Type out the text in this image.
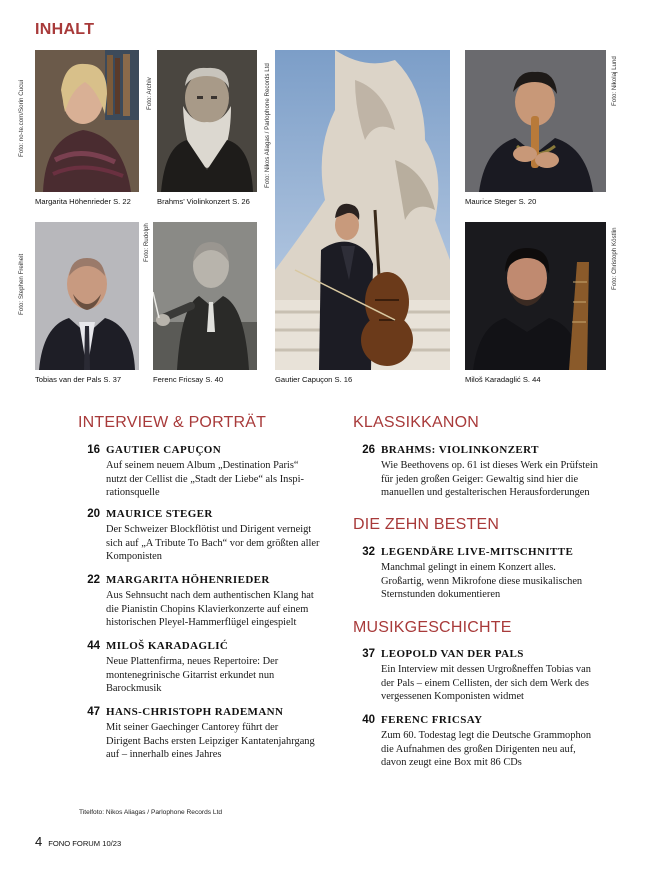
INHALT
Foto: no-te.com/Sorin Cucui
Margarita Höhenrieder S. 22
Foto: Archiv
Brahms’ Violinkonzert S. 26
Foto: Nikos Aliagas / Parlophone Records Ltd
Gautier Capuçon S. 16
Foto: Nikolaj Lund
Maurice Steger S. 20
Foto: Stephen Freiheit
Tobias van der Pals S. 37
Foto: Rudolph
Ferenc Fricsay S. 40
Foto: Christoph Köstlin
Miloš Karadaglić S. 44
INTERVIEW & PORTRÄT	KLASSIKKANON
DIE ZEHN BESTEN
MUSIKGESCHICHTE
16 GAUTIER CAPUÇON
Auf seinem neuem Album „Destination Paris“
nutzt der Cellist die „Stadt der Liebe“ als Inspi-
rationsquelle
20 MAURICE STEGER
Der Schweizer Blockflötist und Dirigent verneigt
sich auf „A Tribute To Bach“ vor dem größten aller
Komponisten
22 MARGARITA HÖHENRIEDER
Aus Sehnsucht nach dem authentischen Klang hat
die Pianistin Chopins Klavierkonzerte auf einem
historischen Pleyel-Hammerflügel eingespielt
44 MILOŠ KARADAGLIĆ
Neue Plattenfirma, neues Repertoire: Der
montenegrinische Gitarrist erkundet nun
Barockmusik
47 HANS-CHRISTOPH RADEMANN
Mit seiner Gaechinger Cantorey führt der
Dirigent Bachs ersten Leipziger Kantatenjahrgang
auf – innerhalb eines Jahres
26 BRAHMS: VIOLINKONZERT
Wie Beethovens op. 61 ist dieses Werk ein Prüfstein
für jeden großen Geiger: Gewaltig sind hier die
manuellen und gestalterischen Herausforderungen
32 LEGENDÄRE LIVE-MITSCHNITTE
Manchmal gelingt in einem Konzert alles.
Großartig, wenn Mikrofone diese musikalischen
Sternstunden dokumentieren
37 LEOPOLD VAN DER PALS
Ein Interview mit dessen Urgroßneffen Tobias van
der Pals – einem Cellisten, der sich dem Werk des
vergessenen Komponisten widmet
40 FERENC FRICSAY
Zum 60. Todestag legt die Deutsche Grammophon
die Aufnahmen des großen Dirigenten neu auf,
davon zeugt eine Box mit 86 CDs
Titelfoto: Nikos Aliagas / Parlophone Records Ltd
4 FONO FORUM 10/23
